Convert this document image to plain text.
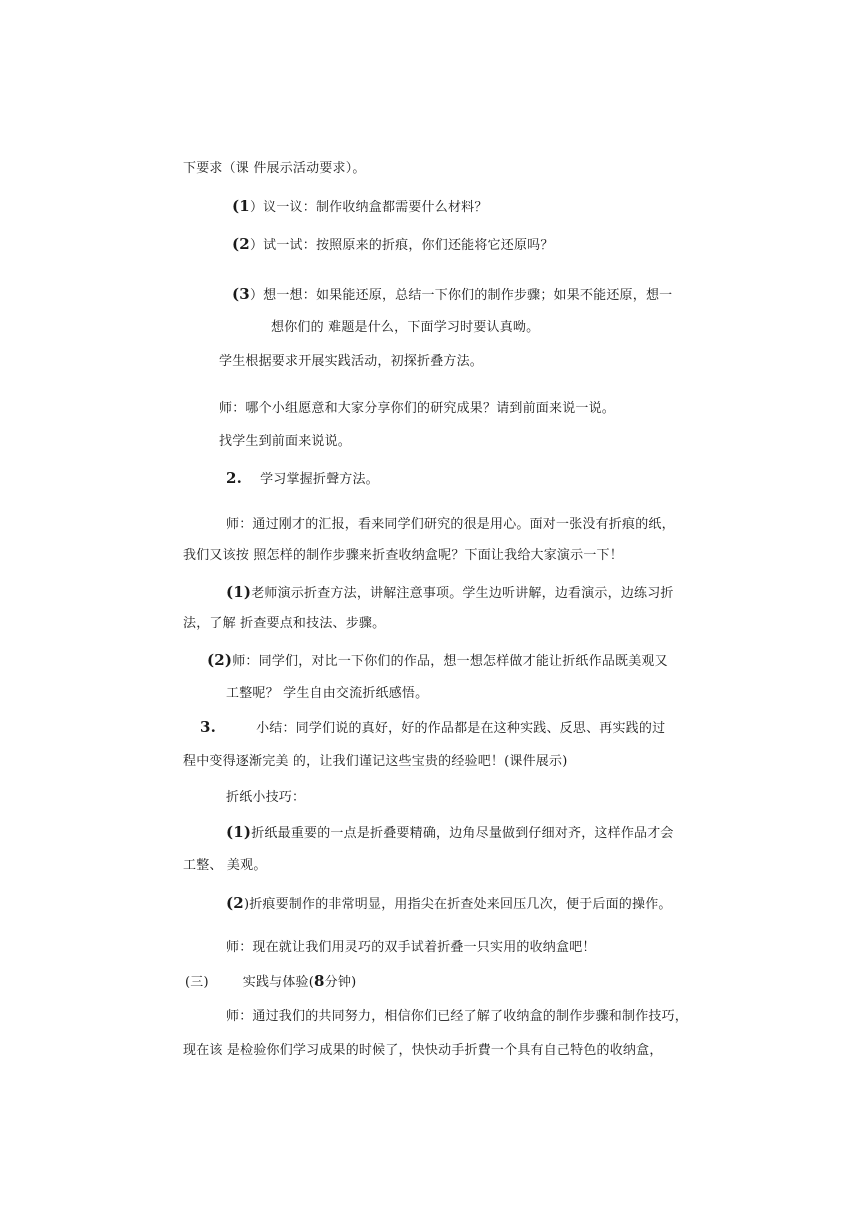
下要求（课 件展示活动要求）。
(1）议一议：制作收纳盒都需要什么材料？
(2）试一试：按照原来的折痕，你们还能将它还原吗？
(3）想一想：如果能还原，总结一下你们的制作步骤；如果不能还原，想一
想你们的 难题是什么，下面学习时要认真呦。
学生根据要求开展实践活动，初探折叠方法。
师：哪个小组愿意和大家分享你们的研究成果？请到前面来说一说。
找学生到前面来说说。
2. 学习掌握折聲方法。
师：通过刚才的汇报，看来同学们研究的很是用心。面对一张没有折痕的纸，
我们又该按 照怎样的制作步骤来折查收纳盒呢？下面让我给大家演示一下！
(1)老师演示折查方法，讲解注意事项。学生边听讲解，边看演示，边练习折
法，了解 折查要点和技法、步骤。
(2)师：同学们，对比一下你们的作品，想一想怎样做才能让折纸作品既美观又
工整呢？ 学生自由交流折纸感悟。
3.	小结：同学们说的真好，好的作品都是在这种实践、反思、再实践的过
程中变得逐渐完美 的，让我们谨记这些宝贵的经验吧！(课件展示)
折纸小技巧：
(1)折纸最重要的一点是折叠要精确，边角尽量做到仔细对齐，这样作品才会
工整、 美观。
(2)折痕要制作的非常明显，用指尖在折查处来回压几次，便于后面的操作。
师：现在就让我们用灵巧的双手试着折叠一只实用的收纳盒吧！
(三)	实践与体验(8分钟)
师：通过我们的共同努力，相信你们已经了解了收纳盒的制作步骤和制作技巧，
现在该 是检验你们学习成果的时候了，快快动手折費一个具有自己特色的收纳盒，
